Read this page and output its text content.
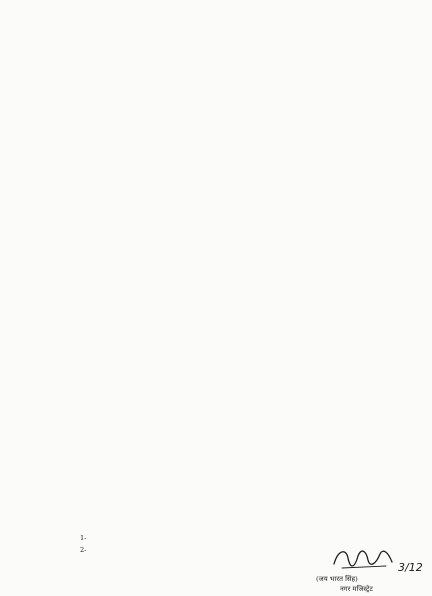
1-
2-
(जय भारत सिंह)
नगर मजिस्ट्रेट
3/12
